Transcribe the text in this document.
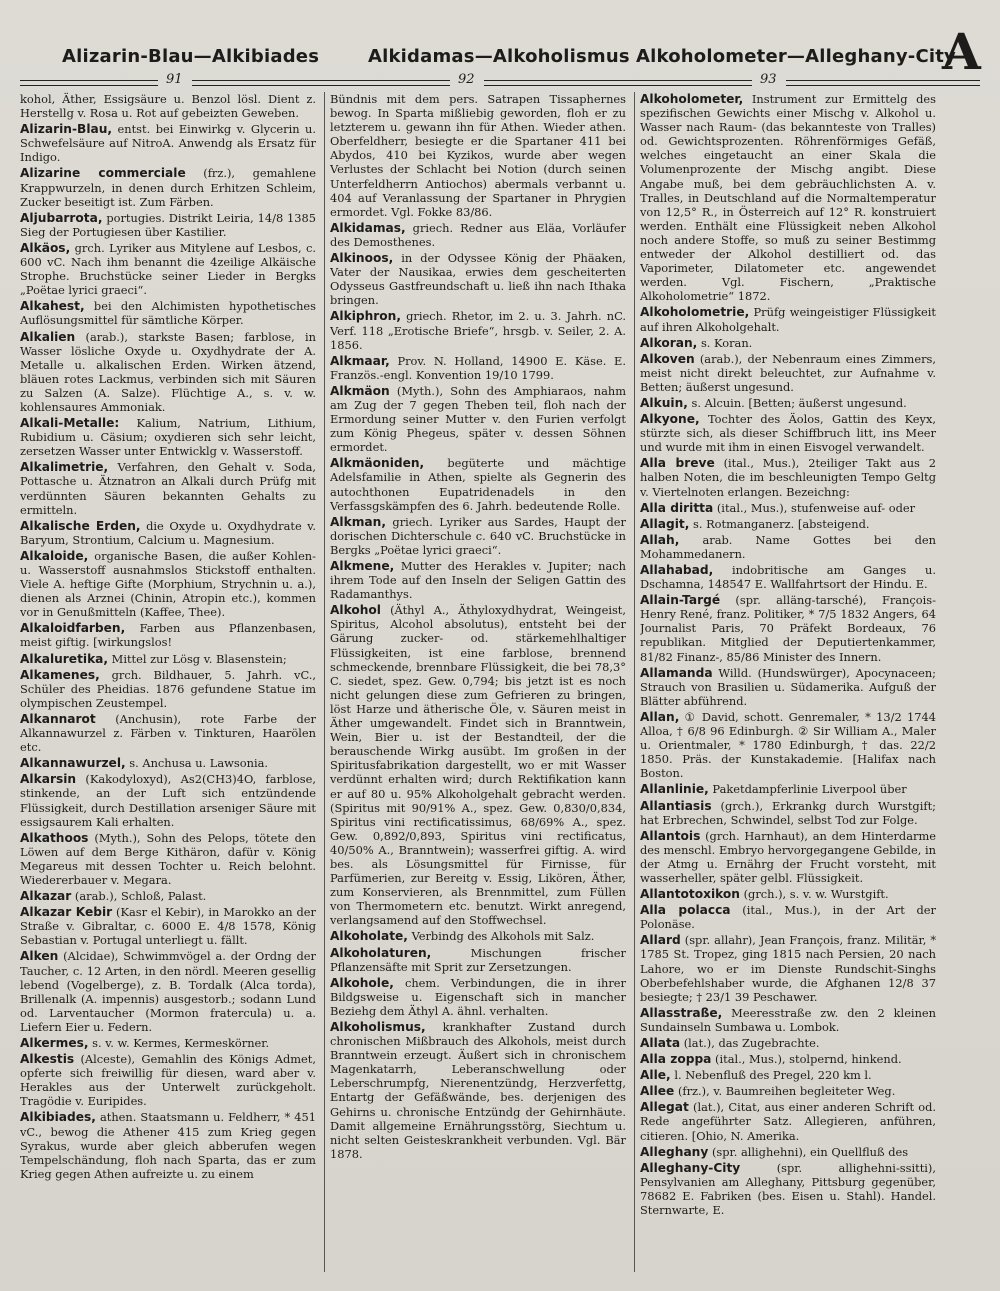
Alizarin-Blau—Alkibiades	Alkidamas—Alkoholismus Alkoholometer—Alleghany-City
A
91	92	93

kohol, Äther, Essigsäure u. Benzol lösl. Dient z. Herstellg v. Rosa u. Rot auf gebeizten Geweben.

Alizarin-Blau, entst. bei Einwirkg v. Glycerin u. Schwefelsäure auf NitroA. Anwendg als Ersatz für Indigo.

Alizarine commerciale (frz.), gemahlene Krappwurzeln, in denen durch Erhitzen Schleim, Zucker beseitigt ist. Zum Färben.

Aljubarrota, portugies. Distrikt Leiria, 14/8 1385 Sieg der Portugiesen über Kastilier.

Alkäos, grch. Lyriker aus Mitylene auf Lesbos, c. 600 vC. Nach ihm benannt die 4zeilige Alkäische Strophe. Bruchstücke seiner Lieder in Bergks „Poëtae lyrici graeci“.

Alkahest, bei den Alchimisten hypothetisches Auflösungsmittel für sämtliche Körper.

Alkalien (arab.), starkste Basen; farblose, in Wasser lösliche Oxyde u. Oxydhydrate der A. Metalle u. alkalischen Erden. Wirken ätzend, bläuen rotes Lackmus, verbinden sich mit Säuren zu Salzen (A. Salze). Flüchtige A., s. v. w. kohlensaures Ammoniak.

Alkali-Metalle: Kalium, Natrium, Lithium, Rubidium u. Cäsium; oxydieren sich sehr leicht, zersetzen Wasser unter Entwicklg v. Wasserstoff.

Alkalimetrie, Verfahren, den Gehalt v. Soda, Pottasche u. Ätznatron an Alkali durch Prüfg mit verdünnten Säuren bekannten Gehalts zu ermitteln.

Alkalische Erden, die Oxyde u. Oxydhydrate v. Baryum, Strontium, Calcium u. Magnesium.

Alkaloide, organische Basen, die außer Kohlen- u. Wasserstoff ausnahmslos Stickstoff enthalten. Viele A. heftige Gifte (Morphium, Strychnin u. a.), dienen als Arznei (Chinin, Atropin etc.), kommen vor in Genußmitteln (Kaffee, Thee).

Alkaloidfarben, Farben aus Pflanzenbasen, meist giftig. [wirkungslos!

Alkaluretika, Mittel zur Lösg v. Blasenstein;

Alkamenes, grch. Bildhauer, 5. Jahrh. vC., Schüler des Pheidias. 1876 gefundene Statue im olympischen Zeustempel.

Alkannarot (Anchusin), rote Farbe der Alkannawurzel z. Färben v. Tinkturen, Haarölen etc.

Alkannawurzel, s. Anchusa u. Lawsonia.

Alkarsin (Kakodyloxyd), As2(CH3)4O, farblose, stinkende, an der Luft sich entzündende Flüssigkeit, durch Destillation arseniger Säure mit essigsaurem Kali erhalten.

Alkathoos (Myth.), Sohn des Pelops, tötete den Löwen auf dem Berge Kithäron, dafür v. König Megareus mit dessen Tochter u. Reich belohnt. Wiedererbauer v. Megara.

Alkazar (arab.), Schloß, Palast.

Alkazar Kebir (Kasr el Kebir), in Marokko an der Straße v. Gibraltar, c. 6000 E. 4/8 1578, König Sebastian v. Portugal unterliegt u. fällt.

Alken (Alcidae), Schwimmvögel a. der Ordng der Taucher, c. 12 Arten, in den nördl. Meeren gesellig lebend (Vogelberge), z. B. Tordalk (Alca torda), Brillenalk (A. impennis) ausgestorb.; sodann Lund od. Larventaucher (Mormon fratercula) u. a. Liefern Eier u. Federn.

Alkermes, s. v. w. Kermes, Kermeskörner.

Alkestis (Alceste), Gemahlin des Königs Admet, opferte sich freiwillig für diesen, ward aber v. Herakles aus der Unterwelt zurückgeholt. Tragödie v. Euripides.

Alkibiades, athen. Staatsmann u. Feldherr, * 451 vC., bewog die Athener 415 zum Krieg gegen Syrakus, wurde aber gleich abberufen wegen Tempelschändung, floh nach Sparta, das er zum Krieg gegen Athen aufreizte u. zu einem

Bündnis mit dem pers. Satrapen Tissaphernes bewog. In Sparta mißliebig geworden, floh er zu letzterem u. gewann ihn für Athen. Wieder athen. Oberfeldherr, besiegte er die Spartaner 411 bei Abydos, 410 bei Kyzikos, wurde aber wegen Verlustes der Schlacht bei Notion (durch seinen Unterfeldherrn Antiochos) abermals verbannt u. 404 auf Veranlassung der Spartaner in Phrygien ermordet. Vgl. Fokke 83/86.

Alkidamas, griech. Redner aus Eläa, Vorläufer des Demosthenes.

Alkinoos, in der Odyssee König der Phäaken, Vater der Nausikaa, erwies dem gescheiterten Odysseus Gastfreundschaft u. ließ ihn nach Ithaka bringen.

Alkiphron, griech. Rhetor, im 2. u. 3. Jahrh. nC. Verf. 118 „Erotische Briefe“, hrsgb. v. Seiler, 2. A. 1856.

Alkmaar, Prov. N. Holland, 14900 E. Käse. E. Französ.-engl. Konvention 19/10 1799.

Alkmäon (Myth.), Sohn des Amphiaraos, nahm am Zug der 7 gegen Theben teil, floh nach der Ermordung seiner Mutter v. den Furien verfolgt zum König Phegeus, später v. dessen Söhnen ermordet.

Alkmäoniden, begüterte und mächtige Adelsfamilie in Athen, spielte als Gegnerin des autochthonen Eupatridenadels in den Verfassgskämpfen des 6. Jahrh. bedeutende Rolle.

Alkman, griech. Lyriker aus Sardes, Haupt der dorischen Dichterschule c. 640 vC. Bruchstücke in Bergks „Poëtae lyrici graeci“.

Alkmene, Mutter des Herakles v. Jupiter; nach ihrem Tode auf den Inseln der Seligen Gattin des Radamanthys.

Alkohol (Äthyl A., Äthyloxydhydrat, Weingeist, Spiritus, Alcohol absolutus), entsteht bei der Gärung zucker- od. stärkemehlhaltiger Flüssigkeiten, ist eine farblose, brennend schmeckende, brennbare Flüssigkeit, die bei 78,3° C. siedet, spez. Gew. 0,794; bis jetzt ist es noch nicht gelungen diese zum Gefrieren zu bringen, löst Harze und ätherische Öle, v. Säuren meist in Äther umgewandelt. Findet sich in Branntwein, Wein, Bier u. ist der Bestandteil, der die berauschende Wirkg ausübt. Im großen in der Spiritusfabrikation dargestellt, wo er mit Wasser verdünnt erhalten wird; durch Rektifikation kann er auf 80 u. 95% Alkoholgehalt gebracht werden. (Spiritus mit 90/91% A., spez. Gew. 0,830/0,834, Spiritus vini rectificatissimus, 68/69% A., spez. Gew. 0,892/0,893, Spiritus vini rectificatus, 40/50% A., Branntwein); wasserfrei giftig. A. wird bes. als Lösungsmittel für Firnisse, für Parfümerien, zur Bereitg v. Essig, Likören, Äther, zum Konservieren, als Brennmittel, zum Füllen von Thermometern etc. benutzt. Wirkt anregend, verlangsamend auf den Stoffwechsel.

Alkoholate, Verbindg des Alkohols mit Salz.

Alkoholaturen,	Mischungen frischer Pflanzensäfte mit Sprit zur Zersetzungen.

Alkohole, chem. Verbindungen, die in ihrer Bildgsweise u. Eigenschaft sich in mancher Beziehg dem Äthyl A. ähnl. verhalten.

Alkoholismus, krankhafter Zustand durch chronischen Mißbrauch des Alkohols, meist durch Branntwein erzeugt. Äußert sich in chronischem Magenkatarrh, Leberanschwellung oder Leberschrumpfg, Nierenentzündg, Herzverfettg, Entartg der Gefäßwände, bes. derjenigen des Gehirns u. chronische Entzündg der Gehirnhäute. Damit allgemeine Ernährungsstörg, Siechtum u. nicht selten Geisteskrankheit verbunden. Vgl. Bär 1878.

Alkoholometer, Instrument zur Ermittelg des spezifischen Gewichts einer Mischg v. Alkohol u. Wasser nach Raum- (das bekannteste von Tralles) od. Gewichtsprozenten. Röhrenförmiges Gefäß, welches eingetaucht an einer Skala die Volumenprozente der Mischg angibt. Diese Angabe muß, bei dem gebräuchlichsten A. v. Tralles, in Deutschland auf die Normaltemperatur von 12,5° R., in Österreich auf 12° R. konstruiert werden. Enthält eine Flüssigkeit neben Alkohol noch andere Stoffe, so muß zu seiner Bestimmg entweder der Alkohol destilliert od. das Vaporimeter, Dilatometer etc. angewendet werden. Vgl. Fischern, „Praktische Alkoholometrie“ 1872.

Alkoholometrie, Prüfg weingeistiger Flüssigkeit auf ihren Alkoholgehalt.

Alkoran, s. Koran.

Alkoven (arab.), der Nebenraum eines Zimmers, meist nicht direkt beleuchtet, zur Aufnahme v. Betten; äußerst ungesund.

Alkuin, s. Alcuin. [Betten; äußerst ungesund.

Alkyone, Tochter des Äolos, Gattin des Keyx, stürzte sich, als dieser Schiffbruch litt, ins Meer und wurde mit ihm in einen Eisvogel verwandelt.

Alla breve (ital., Mus.), 2teiliger Takt aus 2 halben Noten, die im beschleunigten Tempo Geltg v. Viertelnoten erlangen. Bezeichng:

Alla diritta (ital., Mus.), stufenweise auf- oder

Allagit, s. Rotmanganerz. [absteigend.

Allah, arab. Name Gottes bei den Mohammedanern.

Allahabad, indobritische am Ganges u. Dschamna, 148547 E. Wallfahrtsort der Hindu. E.

Allain-Targé (spr. alläng-tarsché), François-Henry René, franz. Politiker, * 7/5 1832 Angers, 64 Journalist Paris, 70 Präfekt Bordeaux, 76 republikan. Mitglied der Deputiertenkammer, 81/82 Finanz-, 85/86 Minister des Innern.

Allamanda Willd. (Hundswürger), Apocynaceen; Strauch von Brasilien u. Südamerika. Aufguß der Blätter abführend.

Allan, ① David, schott. Genremaler, * 13/2 1744 Alloa, † 6/8 96 Edinburgh. ② Sir William A., Maler u. Orientmaler, * 1780 Edinburgh, † das. 22/2 1850. Präs. der Kunstakademie. [Halifax nach Boston.

Allanlinie, Paketdampferlinie Liverpool über

Allantiasis (grch.), Erkrankg durch Wurstgift; hat Erbrechen, Schwindel, selbst Tod zur Folge.

Allantois (grch. Harnhaut), an dem Hinterdarme des menschl. Embryo hervorgegangene Gebilde, in der Atmg u. Ernährg der Frucht vorsteht, mit wasserheller, später gelbl. Flüssigkeit.

Allantotoxikon (grch.), s. v. w. Wurstgift.

Alla polacca (ital., Mus.), in der Art der Polonäse.

Allard (spr. allahr), Jean François, franz. Militär, * 1785 St. Tropez, ging 1815 nach Persien, 20 nach Lahore, wo er im Dienste Rundschit-Singhs Oberbefehlshaber wurde, die Afghanen 12/8 37 besiegte; † 23/1 39 Peschawer.

Allasstraße, Meeresstraße zw. den 2 kleinen Sundainseln Sumbawa u. Lombok.

Allata (lat.), das Zugebrachte.

Alla zoppa (ital., Mus.), stolpernd, hinkend.

Alle, l. Nebenfluß des Pregel, 220 km l.

Allee (frz.), v. Baumreihen begleiteter Weg.

Allegat (lat.), Citat, aus einer anderen Schrift od. Rede angeführter Satz. Allegieren, anführen, citieren. [Ohio, N. Amerika.

Alleghany (spr. allighehni), ein Quellfluß des

Alleghany-City	(spr. allighehni-ssitti), Pensylvanien am Alleghany, Pittsburg gegenüber, 78682 E. Fabriken (bes. Eisen u. Stahl). Handel. Sternwarte, E.
